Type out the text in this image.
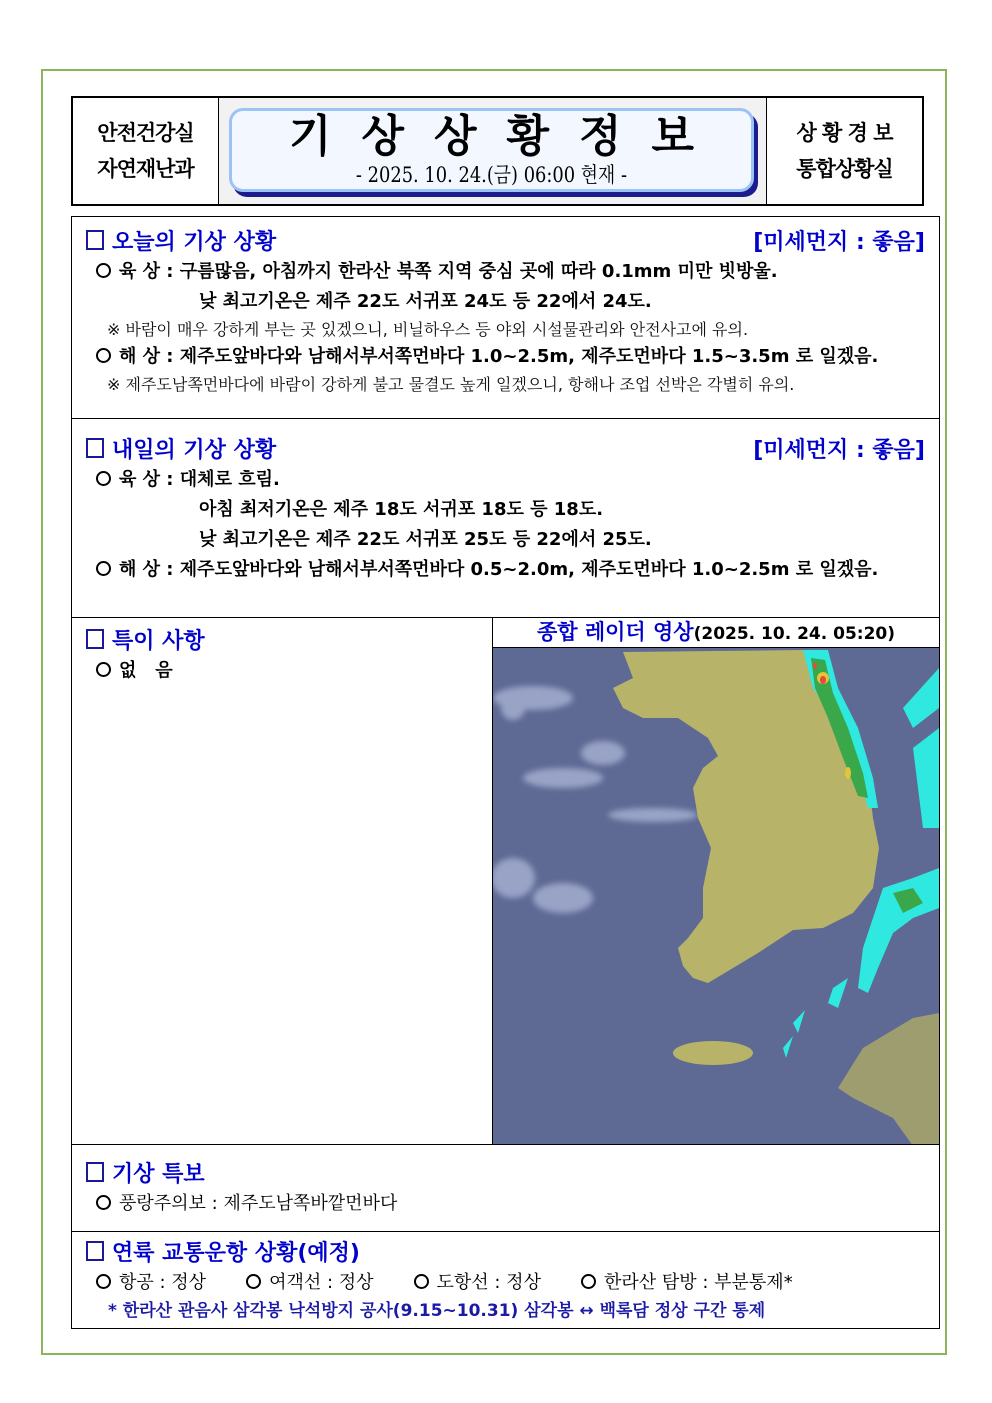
안전건강실
자연재난과
기상상황정보
- 2025. 10. 24.(금) 06:00 현재 -
상 황 경 보
통합상황실
오늘의 기상 상황	[미세먼지 : 좋음]
육 상 : 구름많음, 아침까지 한라산 북쪽 지역 중심 곳에 따라 0.1mm 미만 빗방울.
낮 최고기온은 제주 22도 서귀포 24도 등 22에서 24도.
※ 바람이 매우 강하게 부는 곳 있겠으니, 비닐하우스 등 야외 시설물관리와 안전사고에 유의.
해 상 : 제주도앞바다와 남해서부서쪽먼바다 1.0~2.5m, 제주도먼바다 1.5~3.5m 로 일겠음.
※ 제주도남쪽먼바다에 바람이 강하게 불고 물결도 높게 일겠으니, 항해나 조업 선박은 각별히 유의.
내일의 기상 상황	[미세먼지 : 좋음]
육 상 : 대체로 흐림.
아침 최저기온은 제주 18도 서귀포 18도 등 18도.
낮 최고기온은 제주 22도 서귀포 25도 등 22에서 25도.
해 상 : 제주도앞바다와 남해서부서쪽먼바다 0.5~2.0m, 제주도먼바다 1.0~2.5m 로 일겠음.
특이 사항
없   음
종합 레이더 영상(2025. 10. 24. 05:20)
기상 특보
풍랑주의보 : 제주도남쪽바깥먼바다
연륙 교통운항 상황(예정)
항공 : 정상	여객선 : 정상	도항선 : 정상	한라산 탐방 : 부분통제*
* 한라산 관음사 삼각봉 낙석방지 공사(9.15~10.31) 삼각봉 ↔ 백록담 정상 구간 통제
